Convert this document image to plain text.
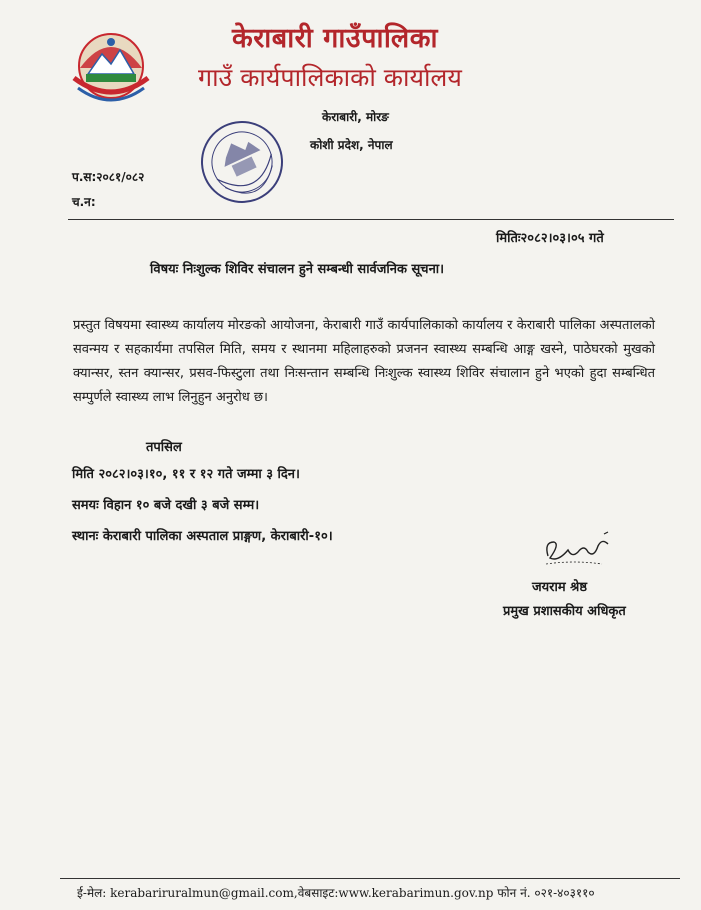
केराबारी गाउँपालिका
गाउँ कार्यपालिकाको कार्यालय
केराबारी, मोरङ
कोशी प्रदेश, नेपाल
प.स:२०८१/०८२
च.न:
मितिः२०८२।०३।०५ गते
विषयः निःशुल्क शिविर संचालन हुने सम्बन्धी सार्वजनिक सूचना।
प्रस्तुत विषयमा स्वास्थ्य कार्यालय मोरङको आयोजना, केराबारी गाउँ कार्यपालिकाको कार्यालय र केराबारी पालिका अस्पतालको सवन्मय र सहकार्यमा तपसिल मिति, समय र स्थानमा महिलाहरुको प्रजनन स्वास्थ्य सम्बन्धि आङ्ग खस्ने, पाठेघरको मुखको क्यान्सर, स्तन क्यान्सर, प्रसव-फिस्टुला तथा निःसन्तान सम्बन्धि निःशुल्क स्वास्थ्य शिविर संचालान हुने भएको हुदा सम्बन्धित सम्पुर्णले स्वास्थ्य लाभ लिनुहुन अनुरोध छ।
तपसिल
मिति २०८२।०३।१०, ११ र १२ गते जम्मा ३ दिन।
समयः विहान १० बजे दखी ३ बजे सम्म।
स्थानः केराबारी पालिका अस्पताल प्राङ्गण, केराबारी-१०।
जयराम श्रेष्ठ
प्रमुख प्रशासकीय अधिकृत
ई-मेल: kerabariruralmun@gmail.com,वेबसाइट:www.kerabarimun.gov.np फोन नं. ०२१-४०३११०
